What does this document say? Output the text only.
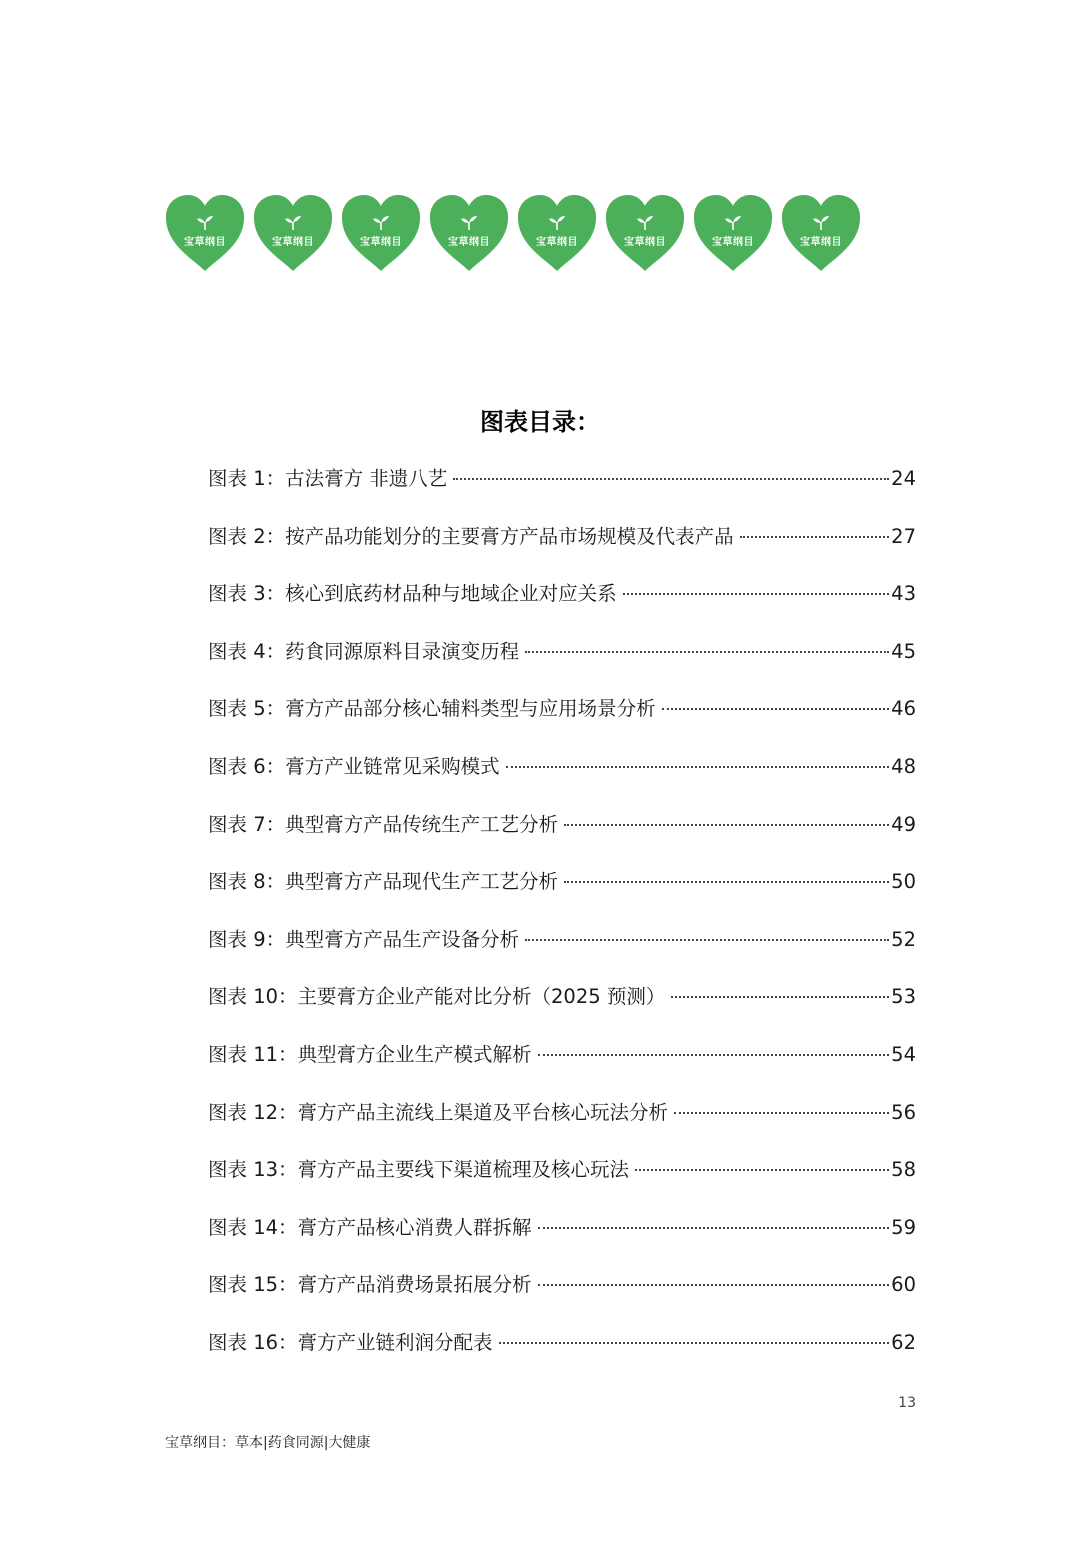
宝草纲目	宝草纲目	宝草纲目	宝草纲目	宝草纲目	宝草纲目	宝草纲目	宝草纲目
图表目录：
图表 1： 古法膏方 非遗八艺	24
图表 2： 按产品功能划分的主要膏方产品市场规模及代表产品	27
图表 3： 核心到底药材品种与地域企业对应关系	43
图表 4： 药食同源原料目录演变历程	45
图表 5： 膏方产品部分核心辅料类型与应用场景分析	46
图表 6： 膏方产业链常见采购模式	48
图表 7： 典型膏方产品传统生产工艺分析	49
图表 8： 典型膏方产品现代生产工艺分析	50
图表 9： 典型膏方产品生产设备分析	52
图表 10： 主要膏方企业产能对比分析（2025 预测）	53
图表 11： 典型膏方企业生产模式解析	54
图表 12： 膏方产品主流线上渠道及平台核心玩法分析	56
图表 13： 膏方产品主要线下渠道梳理及核心玩法	58
图表 14： 膏方产品核心消费人群拆解	59
图表 15： 膏方产品消费场景拓展分析	60
图表 16： 膏方产业链利润分配表	62
13
宝草纲目：草本|药食同源|大健康
